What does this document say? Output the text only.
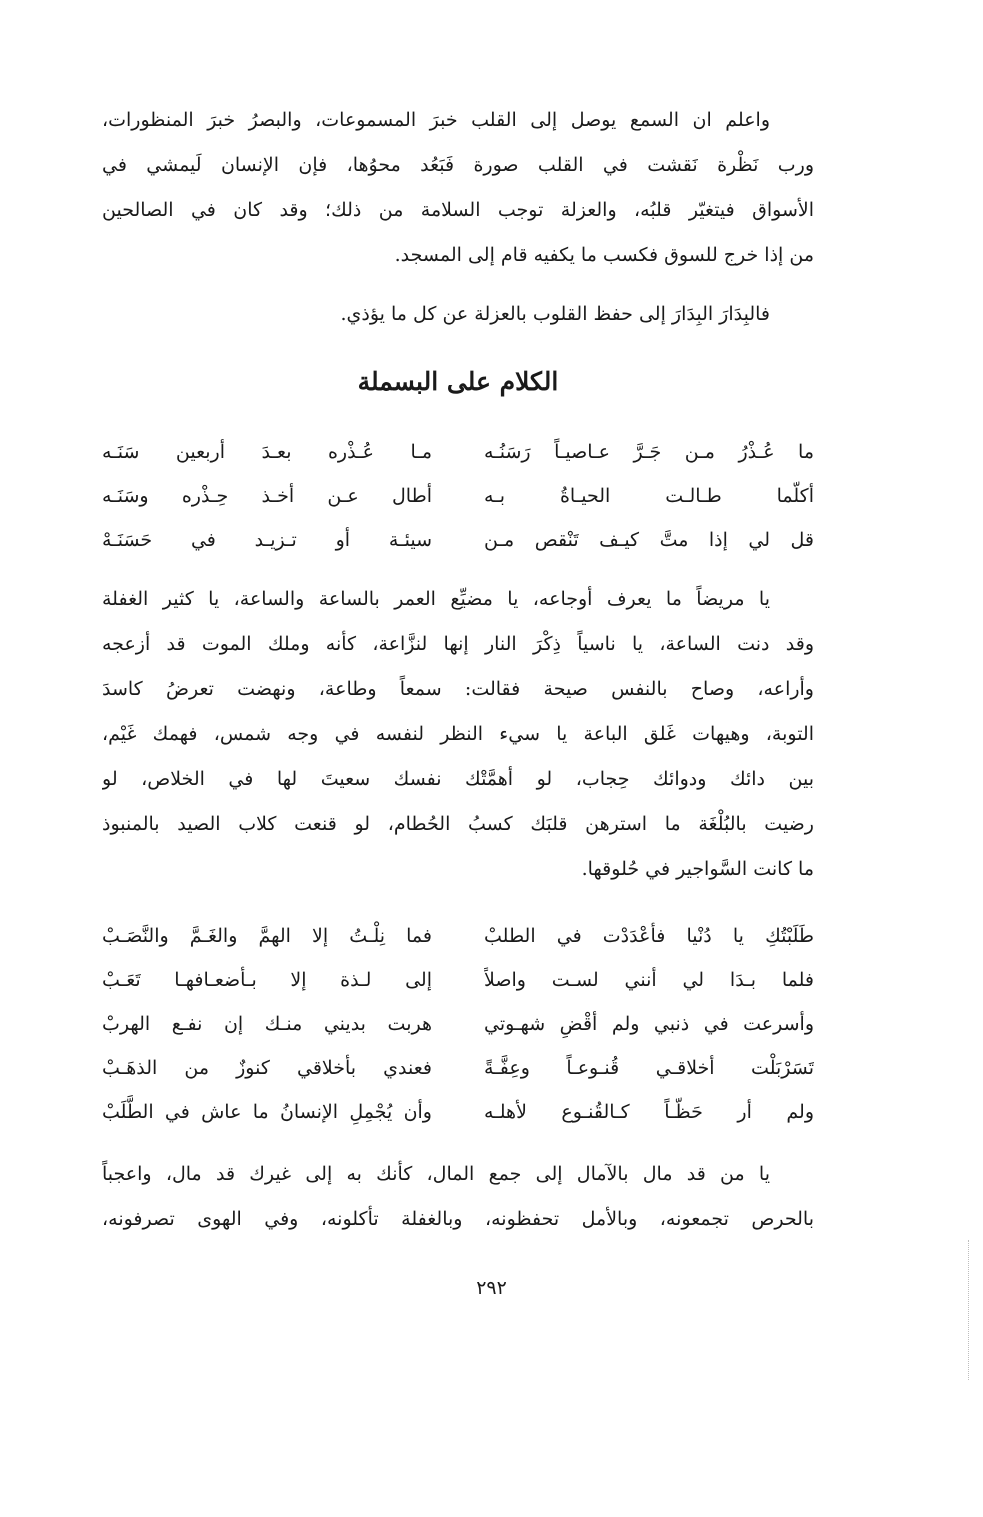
واعلم ان السمع يوصل إلى القلب خبرَ المسموعات، والبصرُ خبرَ المنظورات،
ورب نَظْرة نَقشت في القلب صورة فَبَعُد محوُها، فإن الإنسان لَيمشي في
الأسواق فيتغيّر قلبُه، والعزلة توجب السلامة من ذلك؛ وقد كان في الصالحين
من إذا خرج للسوق فكسب ما يكفيه قام إلى المسجد.
فالبِدَارَ البِدَارَ إلى حفظ القلوب بالعزلة عن كل ما يؤذي.
الكلام على البسملة
ما عُـذْرُ مـن جَـرَّ عـاصيـاً رَسَنُـه
مـا عُـذْره بعـدَ أربعين سَنَـه
أكلّما طـالـت الحيـاةُ بـه
أطال عـن أخـذ حِـذْره وسَنَـه
قل لي إذا متَّ كيـف تَنْقص مـن
سيئـة أو تـزيـد في حَسَنَـهْ
يا مريضاً ما يعرف أوجاعه، يا مضيِّع العمر بالساعة والساعة، يا كثير الغفلة
وقد دنت الساعة، يا ناسياً ذِكْرَ النار إنها لنزَّاعة، كأنه وملك الموت قد أزعجه
وأراعه، وصاح بالنفس صيحة فقالت: سمعاً وطاعة، ونهضت تعرضُ كاسدَ
التوبة، وهيهات غَلق الباعة يا سيء النظر لنفسه في وجه شمس، فهمك غَيْم،
بين دائك ودوائك حِجاب، لو أهمَّتْك نفسك سعيتَ لها في الخلاص، لو
رضيت بالبُلْغَة ما استرهن قلبَك كسبُ الحُطام، لو قنعت كلاب الصيد بالمنبوذ
ما كانت السَّواجير في حُلوقها.
طَلَبْتُكِ يا دُنْيا فأعْدَدْت في الطلبْ
فما نِلْـتُ إلا الهمَّ والغَـمَّ والنَّصَـبْ
فلما بـدَا لي أنني لسـت واصلاً
إلى لـذة إلا بـأضعـافهـا تَعَـبْ
وأسرعت في ذنبي ولم أقْضِ شهـوتي
هربت بديني منـك إن نفـع الهربْ
تَسَرْبَلْت أخلاقـي قُنـوعـاً وعِفَّـةً
فعندي بأخلاقي كنوزٌ من الذهَـبْ
ولم أر حَظّـاً كـالقُنـوع لأهلـه
وأن يُجْمِلِ الإنسانُ ما عاش في الطَّلَبْ
يا من قد مال بالآمال إلى جمع المال، كأنك به إلى غيرك قد مال، واعجباً
بالحرص تجمعونه، وبالأمل تحفظونه، وبالغفلة تأكلونه، وفي الهوى تصرفونه،
٢٩٢
